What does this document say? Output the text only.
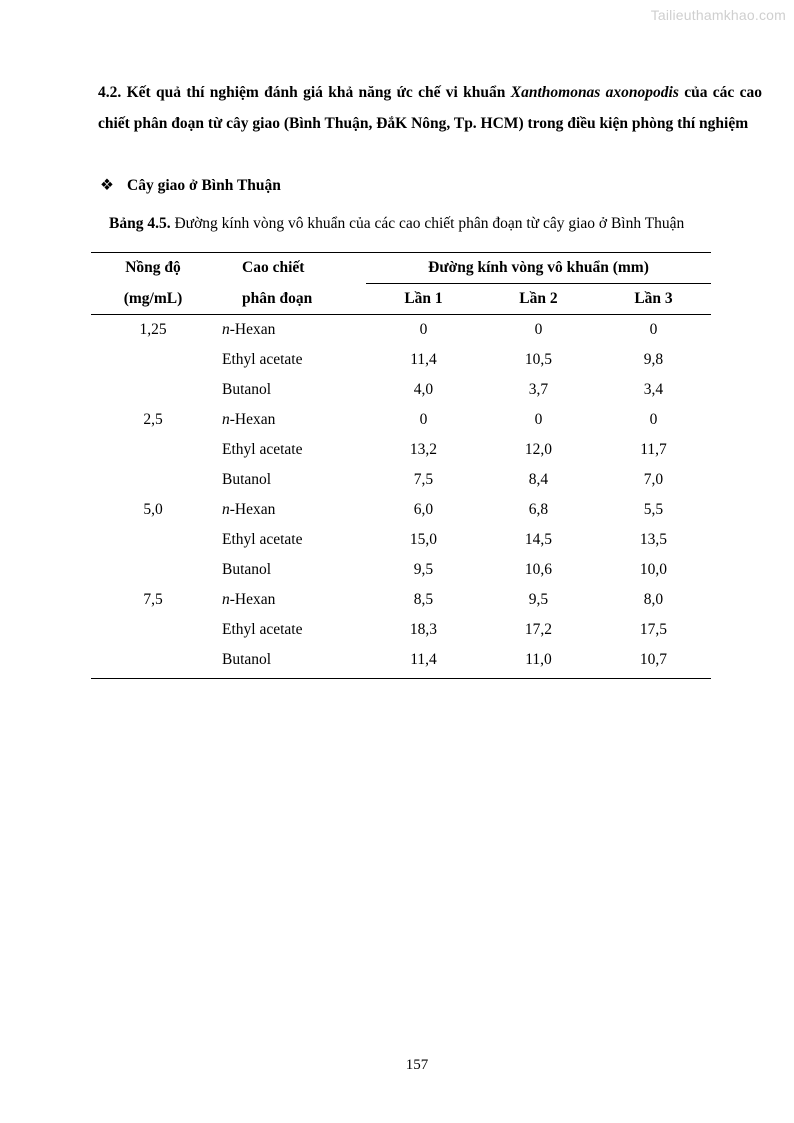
Tailieuthamkhao.com
4.2. Kết quả thí nghiệm đánh giá khả năng ức chế vi khuẩn Xanthomonas axonopodis của các cao chiết phân đoạn từ cây giao (Bình Thuận, ĐắK Nông, Tp. HCM) trong điều kiện phòng thí nghiệm
❖ Cây giao ở Bình Thuận
Bảng 4.5. Đường kính vòng vô khuẩn của các cao chiết phân đoạn từ cây giao ở Bình Thuận
Nồng độ	Cao chiết	Đường kính vòng vô khuẩn (mm)		
(mg/mL)	phân đoạn	Lần 1	Lần 2	Lần 3
1,25	n-Hexan	0	0	0
	Ethyl acetate	11,4	10,5	9,8
	Butanol	4,0	3,7	3,4
2,5	n-Hexan	0	0	0
	Ethyl acetate	13,2	12,0	11,7
	Butanol	7,5	8,4	7,0
5,0	n-Hexan	6,0	6,8	5,5
	Ethyl acetate	15,0	14,5	13,5
	Butanol	9,5	10,6	10,0
7,5	n-Hexan	8,5	9,5	8,0
	Ethyl acetate	18,3	17,2	17,5
	Butanol	11,4	11,0	10,7
157
